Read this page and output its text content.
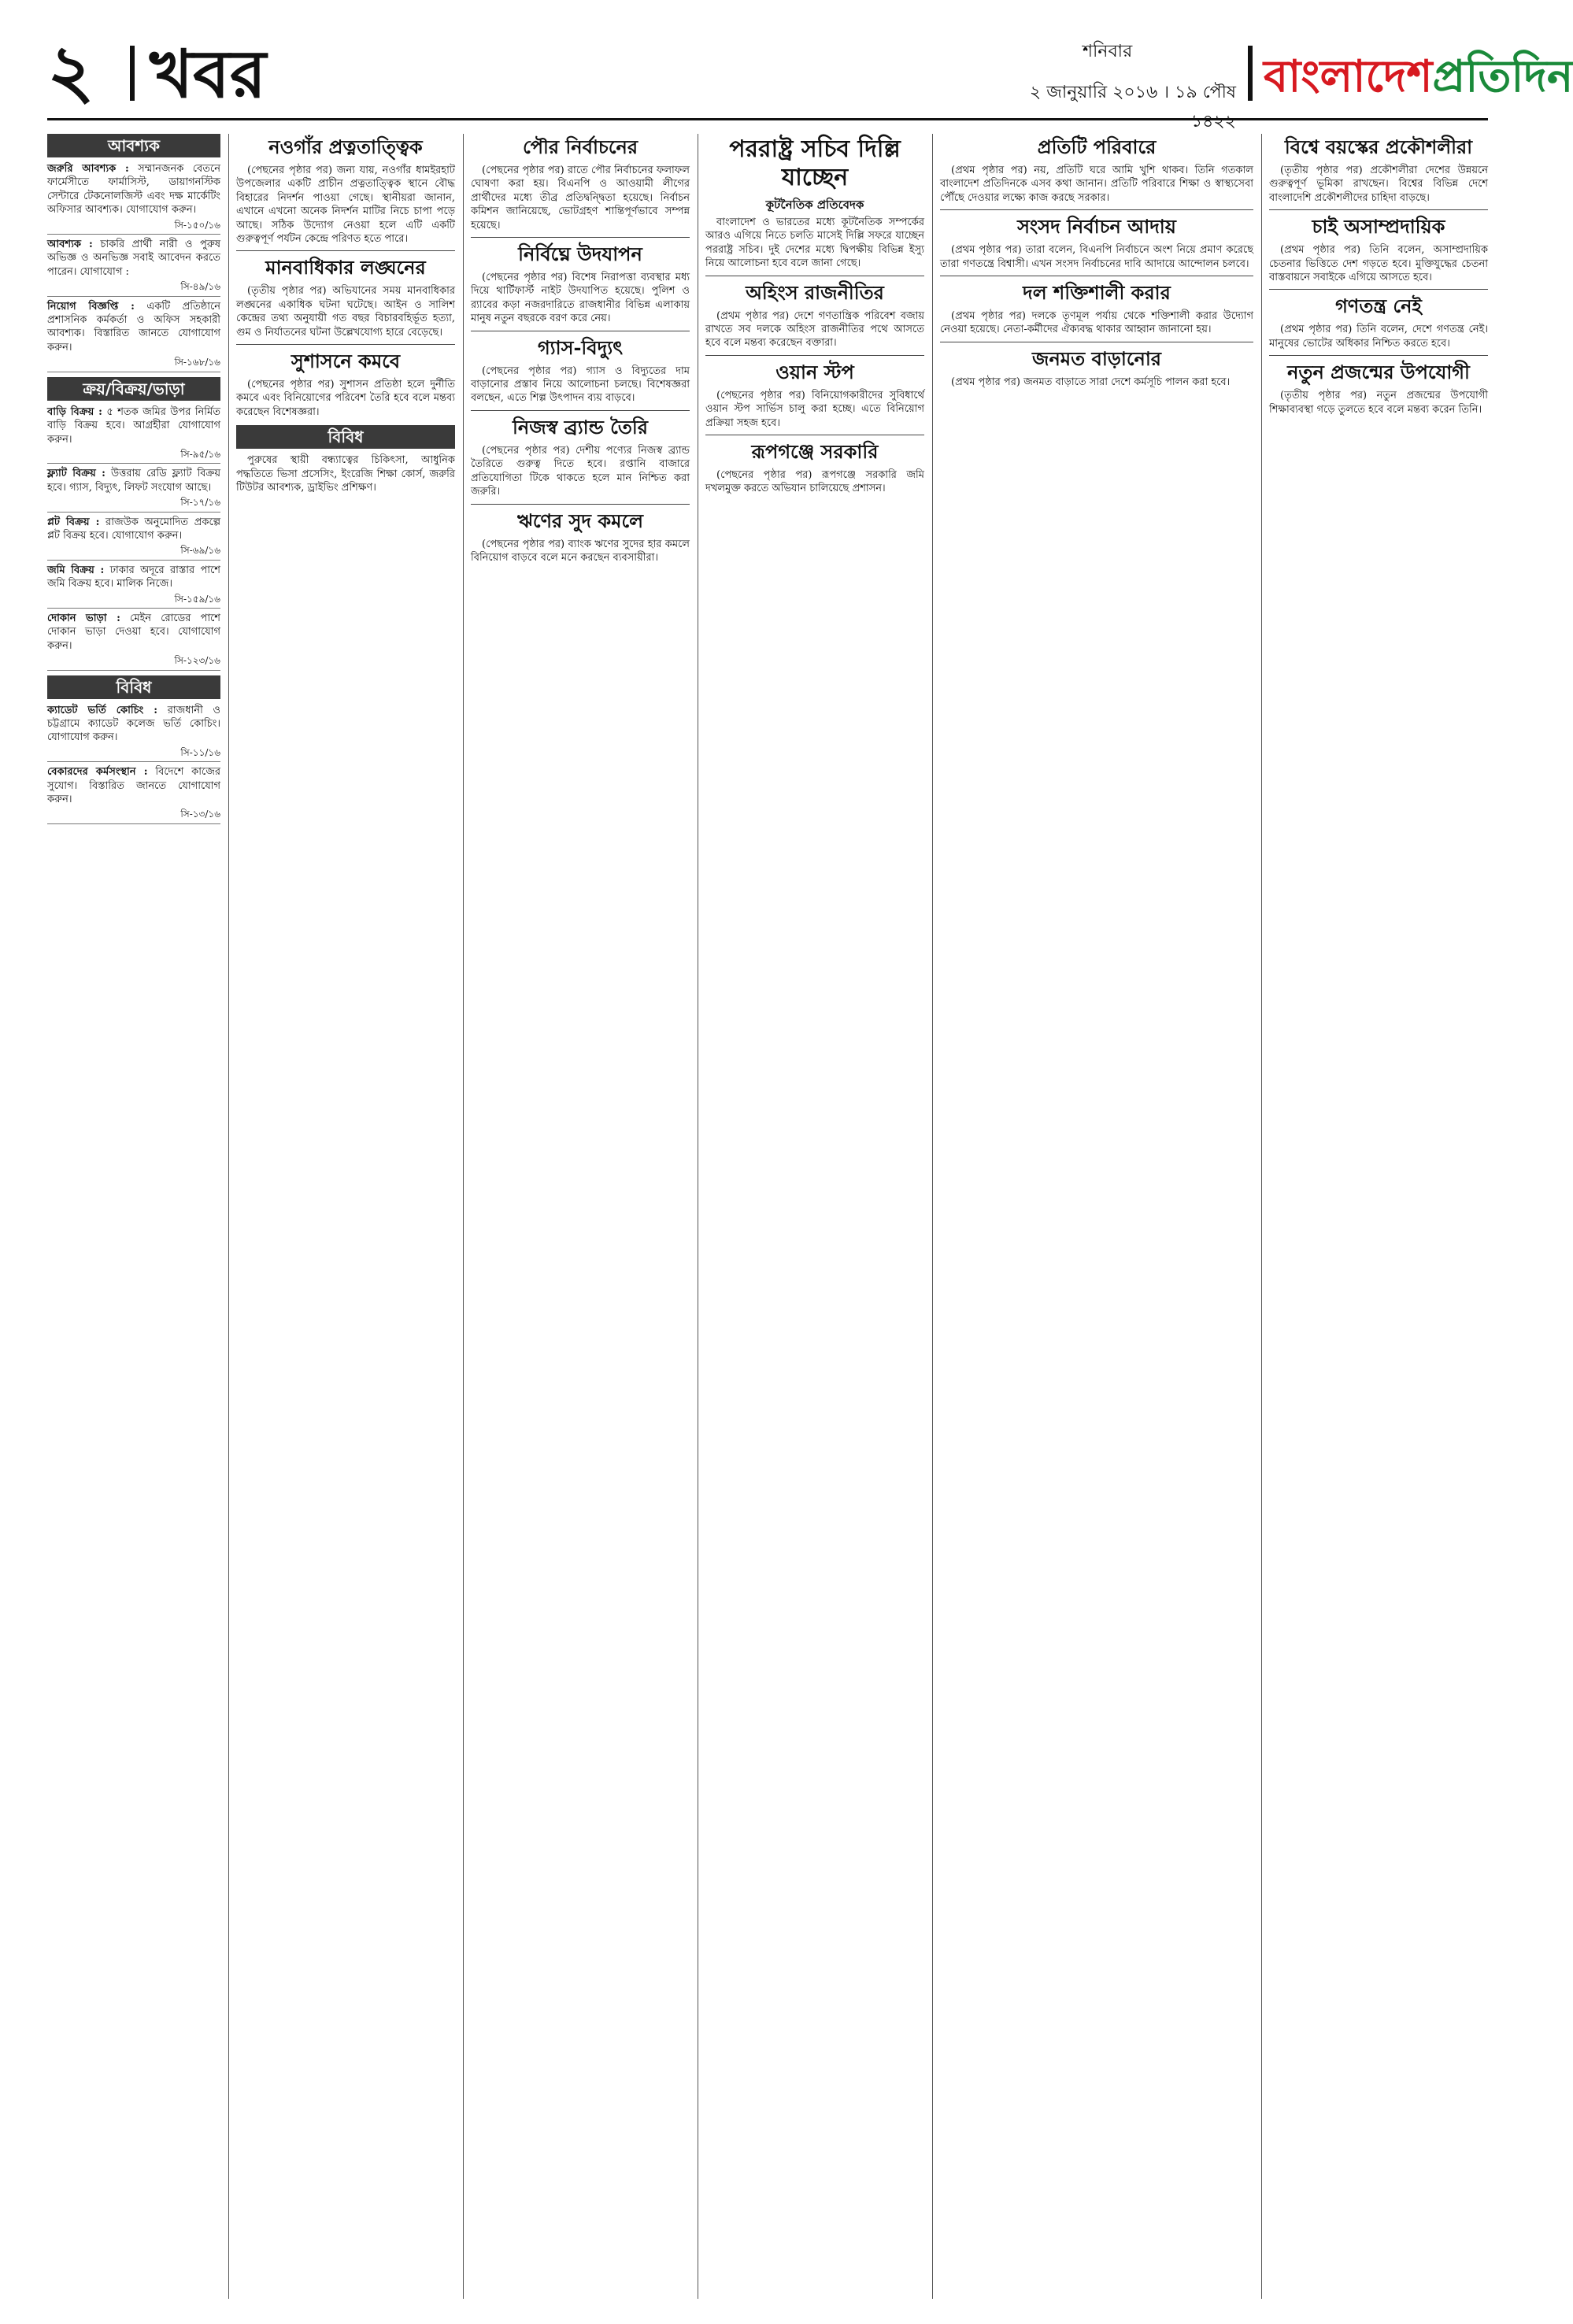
২ খবর	শনিবার
২ জানুয়ারি ২০১৬ । ১৯ পৌষ ১৪২২
বাংলাদেশপ্রতিদিন
আবশ্যক

জরুরি আবশ্যক : সম্মানজনক বেতনে ফার্মেসীতে ফার্মাসিস্ট, ডায়াগনস্টিক সেন্টারে টেকনোলজিস্ট এবং দক্ষ মার্কেটিং অফিসার আবশ্যক। যোগাযোগ করুন।

সি-১৫০/১৬

আবশ্যক : চাকরি প্রার্থী নারী ও পুরুষ অভিজ্ঞ ও অনভিজ্ঞ সবাই আবেদন করতে পারেন। যোগাযোগ :

সি-৪৯/১৬

নিয়োগ বিজ্ঞপ্তি : একটি প্রতিষ্ঠানে প্রশাসনিক কর্মকর্তা ও অফিস সহকারী আবশ্যক। বিস্তারিত জানতে যোগাযোগ করুন।

সি-১৬৮/১৬
ক্রয়/বিক্রয়/ভাড়া

বাড়ি বিক্রয় : ৫ শতক জমির উপর নির্মিত বাড়ি বিক্রয় হবে। আগ্রহীরা যোগাযোগ করুন।

সি-৯৫/১৬

ফ্ল্যাট বিক্রয় : উত্তরায় রেডি ফ্ল্যাট বিক্রয় হবে। গ্যাস, বিদ্যুৎ, লিফট সংযোগ আছে।

সি-১৭/১৬

প্লট বিক্রয় : রাজউক অনুমোদিত প্রকল্পে প্লট বিক্রয় হবে। যোগাযোগ করুন।

সি-৬৯/১৬

জমি বিক্রয় : ঢাকার অদূরে রাস্তার পাশে জমি বিক্রয় হবে। মালিক নিজে।

সি-১৫৯/১৬

দোকান ভাড়া : মেইন রোডের পাশে দোকান ভাড়া দেওয়া হবে। যোগাযোগ করুন।

সি-১২৩/১৬
বিবিধ

ক্যাডেট ভর্তি কোচিং : রাজধানী ও চট্টগ্রামে ক্যাডেট কলেজ ভর্তি কোচিং। যোগাযোগ করুন।

সি-১১/১৬

বেকারদের কর্মসংস্থান : বিদেশে কাজের সুযোগ। বিস্তারিত জানতে যোগাযোগ করুন।

সি-১৩/১৬
নওগাঁর প্রত্নতাত্ত্বিক

(পেছনের পৃষ্ঠার পর) জন্য যায়, নওগাঁর ধামইরহাট উপজেলার একটি প্রাচীন প্রত্নতাত্ত্বিক স্থানে বৌদ্ধ বিহারের নিদর্শন পাওয়া গেছে। স্থানীয়রা জানান, এখানে এখনো অনেক নিদর্শন মাটির নিচে চাপা পড়ে আছে। সঠিক উদ্যোগ নেওয়া হলে এটি একটি গুরুত্বপূর্ণ পর্যটন কেন্দ্রে পরিণত হতে পারে।

মানবাধিকার লঙ্ঘনের

(তৃতীয় পৃষ্ঠার পর) অভিযানের সময় মানবাধিকার লঙ্ঘনের একাধিক ঘটনা ঘটেছে। আইন ও সালিশ কেন্দ্রের তথ্য অনুযায়ী গত বছর বিচারবহির্ভূত হত্যা, গুম ও নির্যাতনের ঘটনা উল্লেখযোগ্য হারে বেড়েছে।

সুশাসনে কমবে

(পেছনের পৃষ্ঠার পর) সুশাসন প্রতিষ্ঠা হলে দুর্নীতি কমবে এবং বিনিয়োগের পরিবেশ তৈরি হবে বলে মন্তব্য করেছেন বিশেষজ্ঞরা।

বিবিধ

পুরুষের স্থায়ী বন্ধ্যাত্বের চিকিৎসা, আধুনিক পদ্ধতিতে ভিসা প্রসেসিং, ইংরেজি শিক্ষা কোর্স, জরুরি টিউটর আবশ্যক, ড্রাইভিং প্রশিক্ষণ।

পৌর নির্বাচনের

(পেছনের পৃষ্ঠার পর) রাতে পৌর নির্বাচনের ফলাফল ঘোষণা করা হয়। বিএনপি ও আওয়ামী লীগের প্রার্থীদের মধ্যে তীব্র প্রতিদ্বন্দ্বিতা হয়েছে। নির্বাচন কমিশন জানিয়েছে, ভোটগ্রহণ শান্তিপূর্ণভাবে সম্পন্ন হয়েছে।

নির্বিঘ্নে উদযাপন

(পেছনের পৃষ্ঠার পর) বিশেষ নিরাপত্তা ব্যবস্থার মধ্য দিয়ে থার্টিফার্স্ট নাইট উদযাপিত হয়েছে। পুলিশ ও র‌্যাবের কড়া নজরদারিতে রাজধানীর বিভিন্ন এলাকায় মানুষ নতুন বছরকে বরণ করে নেয়।

গ্যাস-বিদ্যুৎ

(পেছনের পৃষ্ঠার পর) গ্যাস ও বিদ্যুতের দাম বাড়ানোর প্রস্তাব নিয়ে আলোচনা চলছে। বিশেষজ্ঞরা বলছেন, এতে শিল্প উৎপাদন ব্যয় বাড়বে।

নিজস্ব ব্র্যান্ড তৈরি

(পেছনের পৃষ্ঠার পর) দেশীয় পণ্যের নিজস্ব ব্র্যান্ড তৈরিতে গুরুত্ব দিতে হবে। রপ্তানি বাজারে প্রতিযোগিতা টিকে থাকতে হলে মান নিশ্চিত করা জরুরি।

ঋণের সুদ কমলে

(পেছনের পৃষ্ঠার পর) ব্যাংক ঋণের সুদের হার কমলে বিনিয়োগ বাড়বে বলে মনে করছেন ব্যবসায়ীরা।

পররাষ্ট্র সচিব দিল্লি যাচ্ছেন
কূটনৈতিক প্রতিবেদক

বাংলাদেশ ও ভারতের মধ্যে কূটনৈতিক সম্পর্কের আরও এগিয়ে নিতে চলতি মাসেই দিল্লি সফরে যাচ্ছেন পররাষ্ট্র সচিব। দুই দেশের মধ্যে দ্বিপক্ষীয় বিভিন্ন ইস্যু নিয়ে আলোচনা হবে বলে জানা গেছে।

অহিংস রাজনীতির

(প্রথম পৃষ্ঠার পর) দেশে গণতান্ত্রিক পরিবেশ বজায় রাখতে সব দলকে অহিংস রাজনীতির পথে আসতে হবে বলে মন্তব্য করেছেন বক্তারা।

ওয়ান স্টপ

(পেছনের পৃষ্ঠার পর) বিনিয়োগকারীদের সুবিধার্থে ওয়ান স্টপ সার্ভিস চালু করা হচ্ছে। এতে বিনিয়োগ প্রক্রিয়া সহজ হবে।

রূপগঞ্জে সরকারি

(পেছনের পৃষ্ঠার পর) রূপগঞ্জে সরকারি জমি দখলমুক্ত করতে অভিযান চালিয়েছে প্রশাসন।

প্রতিটি পরিবারে

(প্রথম পৃষ্ঠার পর) নয়, প্রতিটি ঘরে আমি খুশি থাকব। তিনি গতকাল বাংলাদেশ প্রতিদিনকে এসব কথা জানান। প্রতিটি পরিবারে শিক্ষা ও স্বাস্থ্যসেবা পৌঁছে দেওয়ার লক্ষ্যে কাজ করছে সরকার।

সংসদ নির্বাচন আদায়

(প্রথম পৃষ্ঠার পর) তারা বলেন, বিএনপি নির্বাচনে অংশ নিয়ে প্রমাণ করেছে তারা গণতন্ত্রে বিশ্বাসী। এখন সংসদ নির্বাচনের দাবি আদায়ে আন্দোলন চলবে।

দল শক্তিশালী করার

(প্রথম পৃষ্ঠার পর) দলকে তৃণমূল পর্যায় থেকে শক্তিশালী করার উদ্যোগ নেওয়া হয়েছে। নেতা-কর্মীদের ঐক্যবদ্ধ থাকার আহ্বান জানানো হয়।

জনমত বাড়ানোর

(প্রথম পৃষ্ঠার পর) জনমত বাড়াতে সারা দেশে কর্মসূচি পালন করা হবে।

বিশ্বে বয়স্কের প্রকৌশলীরা

(তৃতীয় পৃষ্ঠার পর) প্রকৌশলীরা দেশের উন্নয়নে গুরুত্বপূর্ণ ভূমিকা রাখছেন। বিশ্বের বিভিন্ন দেশে বাংলাদেশি প্রকৌশলীদের চাহিদা বাড়ছে।

চাই অসাম্প্রদায়িক

(প্রথম পৃষ্ঠার পর) তিনি বলেন, অসাম্প্রদায়িক চেতনার ভিত্তিতে দেশ গড়তে হবে। মুক্তিযুদ্ধের চেতনা বাস্তবায়নে সবাইকে এগিয়ে আসতে হবে।

গণতন্ত্র নেই

(প্রথম পৃষ্ঠার পর) তিনি বলেন, দেশে গণতন্ত্র নেই। মানুষের ভোটের অধিকার নিশ্চিত করতে হবে।

নতুন প্রজন্মের উপযোগী

(তৃতীয় পৃষ্ঠার পর) নতুন প্রজন্মের উপযোগী শিক্ষাব্যবস্থা গড়ে তুলতে হবে বলে মন্তব্য করেন তিনি।
